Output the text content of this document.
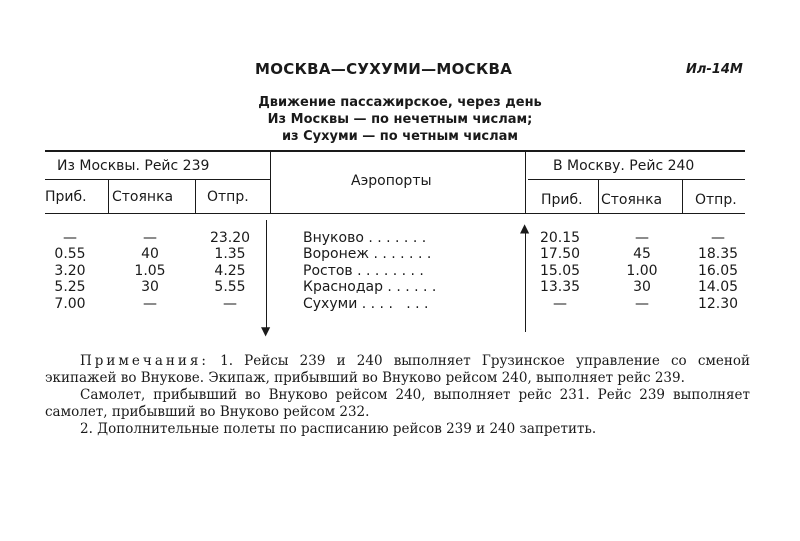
МОСКВА—СУХУМИ—МОСКВА	Ил-14М
Движение пассажирское, через день
Из Москвы — по нечетным числам;
из Сухуми — по четным числам
▼
▲
Из Москвы. Рейс 239	В Москву. Рейс 240
Аэропорты
Приб. Стоянка Отпр.	Приб. Стоянка Отпр.
—	—	23.20	Внуково . . . . . . .	20.15	—	—
0.55	40	1.35	Воронеж . . . . . . .	17.50	45	18.35
3.20	1.05	4.25	Ростов . . . . . . . .	15.05	1.00	16.05
5.25	30	5.55	Краснодар . . . . . .	13.35	30	14.05
7.00	—	—	Сухуми . . . .   . . .	—	—	12.30

Примечания: 1. Рейсы 239 и 240 выполняет Грузинское управление со сменой экипажей во Внукове. Экипаж, прибывший во Внуково рейсом 240, выполняет рейс 239.

Самолет, прибывший во Внуково рейсом 240, выполняет рейс 231. Рейс 239 выполняет самолет, прибывший во Внуково рейсом 232.

2. Дополнительные полеты по расписанию рейсов 239 и 240 запретить.
